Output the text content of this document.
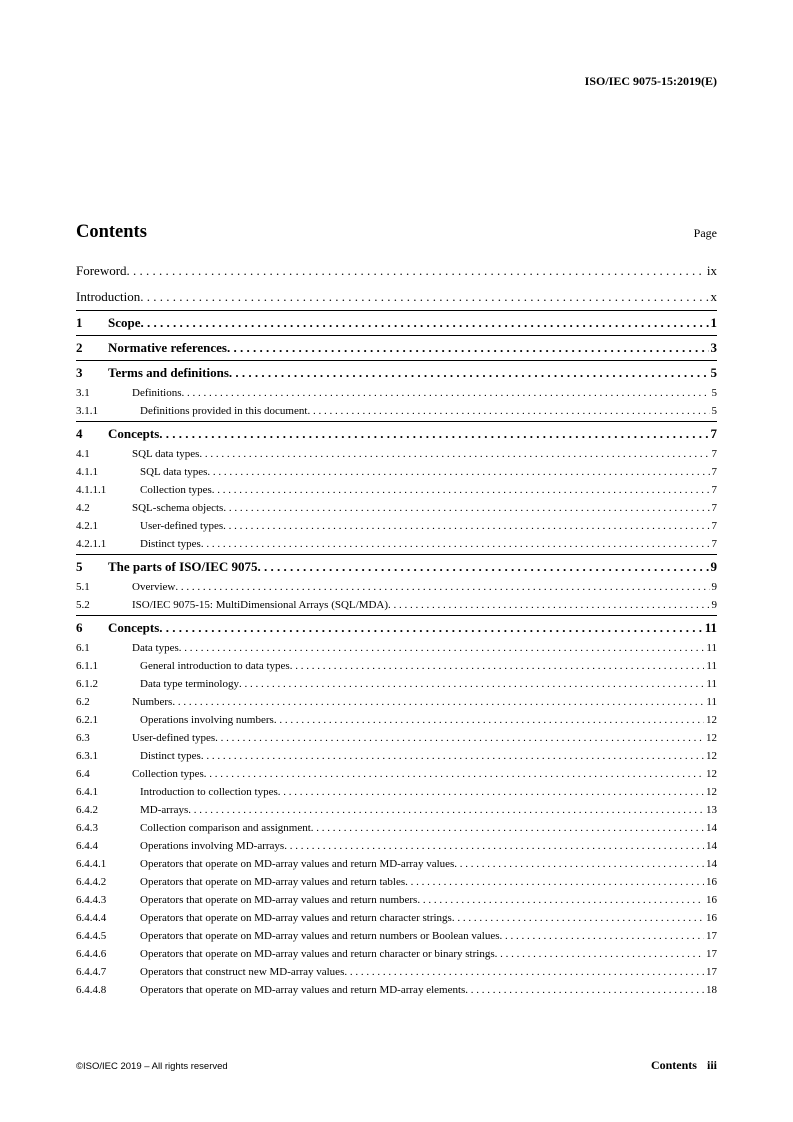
ISO/IEC 9075-15:2019(E)
Contents	Page
Foreword . . .	ix
Introduction . . .	x
1	Scope . . .	1
2	Normative references . . .	3
3	Terms and definitions . . .	5
3.1	Definitions . . .	5
3.1.1	Definitions provided in this document . . .	5
4	Concepts . . .	7
4.1	SQL data types . . .	7
4.1.1	SQL data types . . .	7
4.1.1.1	Collection types . . .	7
4.2	SQL-schema objects . . .	7
4.2.1	User-defined types . . .	7
4.2.1.1	Distinct types . . .	7
5	The parts of ISO/IEC 9075 . . .	9
5.1	Overview . . .	9
5.2	ISO/IEC 9075-15: MultiDimensional Arrays (SQL/MDA) . . .	9
6	Concepts . . .	11
6.1	Data types . . .	11
6.1.1	General introduction to data types . . .	11
6.1.2	Data type terminology . . .	11
6.2	Numbers . . .	11
6.2.1	Operations involving numbers . . .	12
6.3	User-defined types . . .	12
6.3.1	Distinct types . . .	12
6.4	Collection types . . .	12
6.4.1	Introduction to collection types . . .	12
6.4.2	MD-arrays . . .	13
6.4.3	Collection comparison and assignment . . .	14
6.4.4	Operations involving MD-arrays . . .	14
6.4.4.1	Operators that operate on MD-array values and return MD-array values . . .	14
6.4.4.2	Operators that operate on MD-array values and return tables . . .	16
6.4.4.3	Operators that operate on MD-array values and return numbers . . .	16
6.4.4.4	Operators that operate on MD-array values and return character strings . . .	16
6.4.4.5	Operators that operate on MD-array values and return numbers or Boolean values . . .	17
6.4.4.6	Operators that operate on MD-array values and return character or binary strings . . .	17
6.4.4.7	Operators that construct new MD-array values . . .	17
6.4.4.8	Operators that operate on MD-array values and return MD-array elements . . .	18
©ISO/IEC 2019 – All rights reserved	Contents iii
